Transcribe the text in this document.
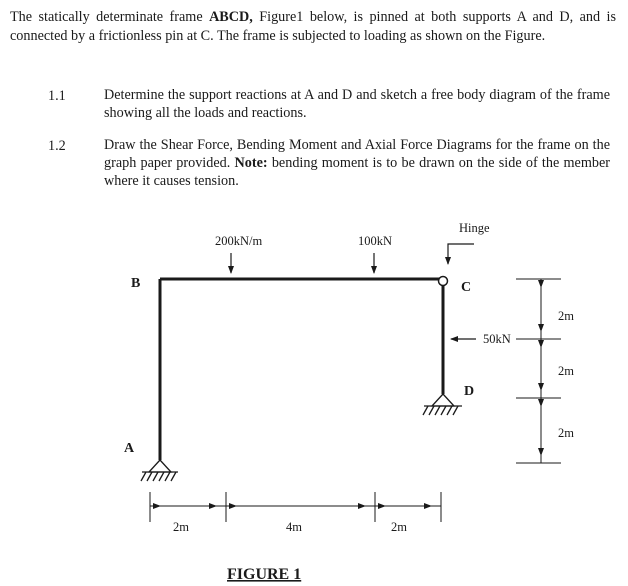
The statically determinate frame ABCD, Figure1 below, is pinned at both supports A and D, and is connected by a frictionless pin at C. The frame is subjected to loading as shown on the Figure.

1.1	Determine the support reactions at A and D and sketch a free body diagram of the frame showing all the loads and reactions.

1.2	Draw the Shear Force, Bending Moment and Axial Force Diagrams for the frame on the graph paper provided. Note: bending moment is to be drawn on the side of the member where it causes tension.

B
A
C
D
Hinge
200kN/m	100kN
50kN
2m	4m	2m
2m
2m
2m
FIGURE 1
